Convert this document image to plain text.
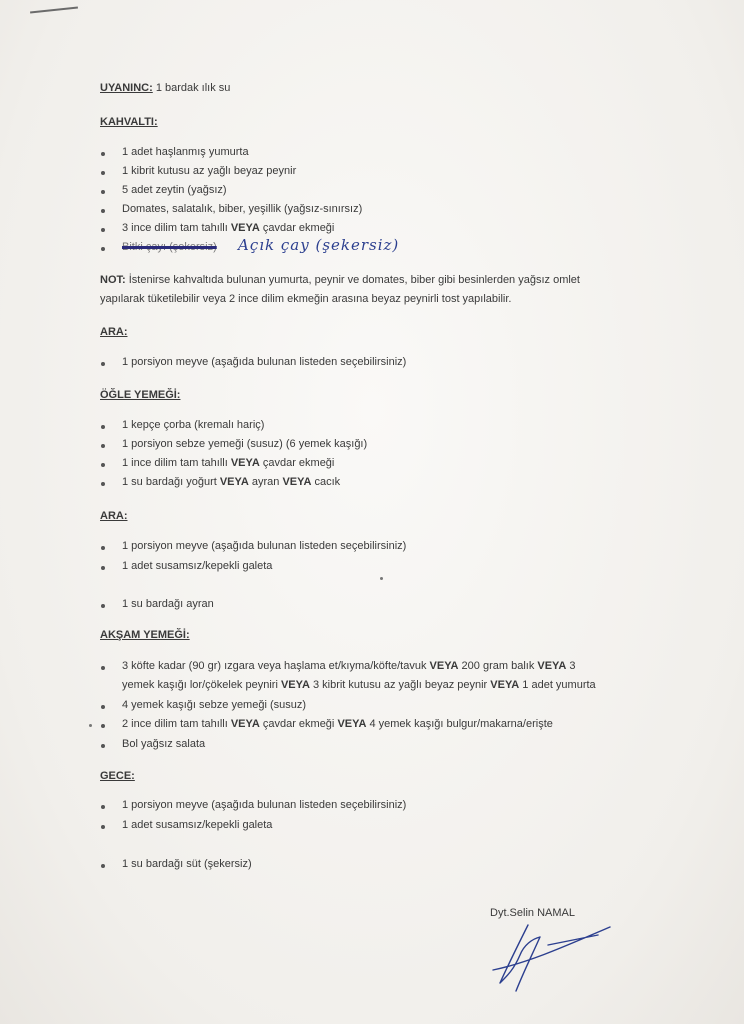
UYANINC: 1 bardak ılık su
KAHVALTI:
1 adet haşlanmış yumurta
1 kibrit kutusu az yağlı beyaz peynir
5 adet zeytin (yağsız)
Domates, salatalık, biber, yeşillik (yağsız-sınırsız)
3 ince dilim tam tahıllı VEYA çavdar ekmeği
Bitki çayı (şekersiz) Açık çay (şekersiz)
NOT: İstenirse kahvaltıda bulunan yumurta, peynir ve domates, biber gibi besinlerden yağsız omlet
yapılarak tüketilebilir veya 2 ince dilim ekmeğin arasına beyaz peynirli tost yapılabilir.
ARA:
1 porsiyon meyve (aşağıda bulunan listeden seçebilirsiniz)
ÖĞLE YEMEĞİ:
1 kepçe çorba (kremalı hariç)
1 porsiyon sebze yemeği (susuz) (6 yemek kaşığı)
1 ince dilim tam tahıllı VEYA çavdar ekmeği
1 su bardağı yoğurt VEYA ayran VEYA cacık
ARA:
1 porsiyon meyve (aşağıda bulunan listeden seçebilirsiniz)
1 adet susamsız/kepekli galeta
1 su bardağı ayran
AKŞAM YEMEĞİ:
3 köfte kadar (90 gr) ızgara veya haşlama et/kıyma/köfte/tavuk VEYA 200 gram balık VEYA 3
yemek kaşığı lor/çökelek peyniri VEYA 3 kibrit kutusu az yağlı beyaz peynir VEYA 1 adet yumurta
4 yemek kaşığı sebze yemeği (susuz)
2 ince dilim tam tahıllı VEYA çavdar ekmeği VEYA 4 yemek kaşığı bulgur/makarna/erişte
Bol yağsız salata
GECE:
1 porsiyon meyve (aşağıda bulunan listeden seçebilirsiniz)
1 adet susamsız/kepekli galeta
1 su bardağı süt (şekersiz)
Dyt.Selin NAMAL
